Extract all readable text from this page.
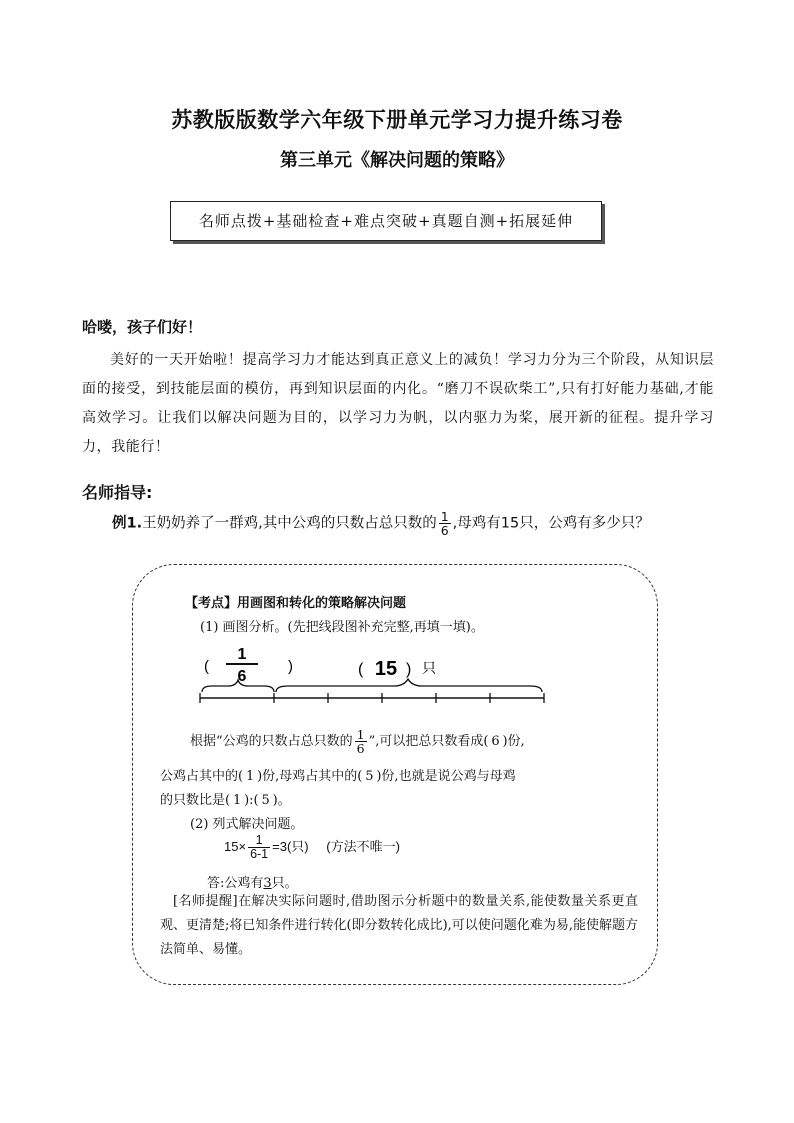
苏教版版数学六年级下册单元学习力提升练习卷
第三单元《解决问题的策略》
名师点拨+基础检查+难点突破+真题自测+拓展延伸
哈喽，孩子们好！
美好的一天开始啦！提高学习力才能达到真正意义上的减负！学习力分为三个阶段，从知识层面的接受，到技能层面的模仿，再到知识层面的内化。“磨刀不误砍柴工”,只有打好能力基础,才能高效学习。让我们以解决问题为目的，以学习力为帆，以内驱力为桨，展开新的征程。提升学习力，我能行！
名师指导:
例1.王奶奶养了一群鸡,其中公鸡的只数占总只数的 $\frac{1}{6}$ ,母鸡有15只，公鸡有多少只？
【考点】用画图和转化的策略解决问题
(1) 画图分析。(先把线段图补充完整,再填一填)。
(
1
6
)	( 15 ) 只
根据“公鸡的只数占总只数的 $\frac{1}{6}$ ”,可以把总只数看成( 6 )份,
公鸡占其中的( 1 )份,母鸡占其中的( 5 )份,也就是说公鸡与母鸡
的只数比是( 1 ):( 5 )。
(2) 列式解决问题。
$15\times \frac{1}{6-1} =3$(只) (方法不唯一)
答:公鸡有3只。
[名师提醒]在解决实际问题时,借助图示分析题中的数量关系,能使数量关系更直观、更清楚;将已知条件进行转化(即分数转化成比),可以使问题化难为易,能使解题方法简单、易懂。
